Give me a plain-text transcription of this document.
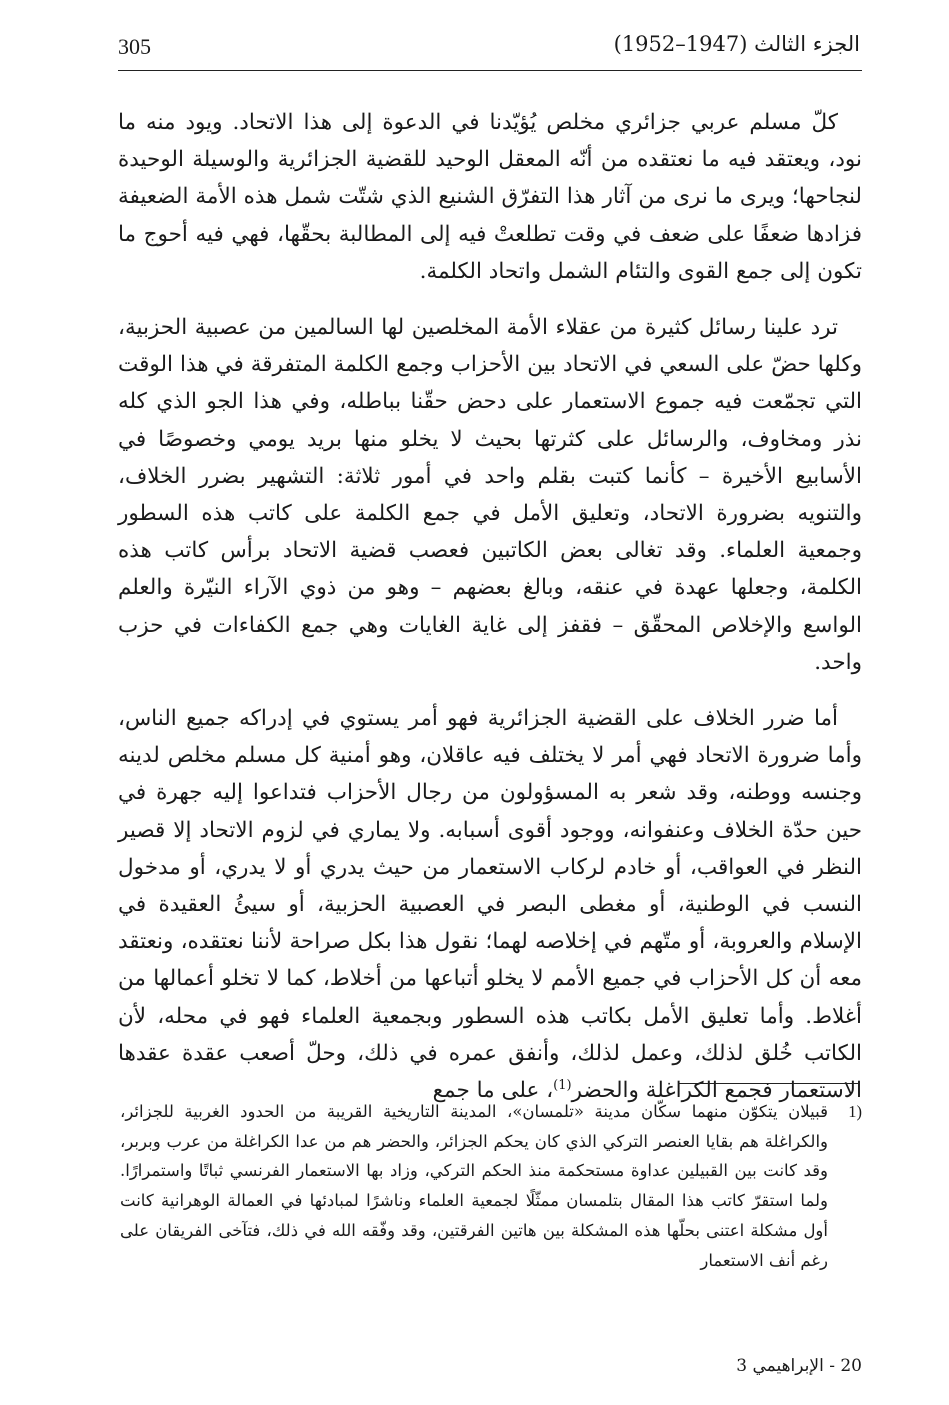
305	الجزء الثالث (1947–1952)

كلّ مسلم عربي جزائري مخلص يُؤيّدنا في الدعوة إلى هذا الاتحاد. ويود منه ما نود، ويعتقد فيه ما نعتقده من أنّه المعقل الوحيد للقضية الجزائرية والوسيلة الوحيدة لنجاحها؛ ويرى ما نرى من آثار هذا التفرّق الشنيع الذي شتّت شمل هذه الأمة الضعيفة فزادها ضعفًا على ضعف في وقت تطلعتْ فيه إلى المطالبة بحقّها، فهي فيه أحوج ما تكون إلى جمع القوى والتئام الشمل واتحاد الكلمة.

ترد علينا رسائل كثيرة من عقلاء الأمة المخلصين لها السالمين من عصبية الحزبية، وكلها حضّ على السعي في الاتحاد بين الأحزاب وجمع الكلمة المتفرقة في هذا الوقت التي تجمّعت فيه جموع الاستعمار على دحض حقّنا بباطله، وفي هذا الجو الذي كله نذر ومخاوف، والرسائل على كثرتها بحيث لا يخلو منها بريد يومي وخصوصًا في الأسابيع الأخيرة – كأنما كتبت بقلم واحد في أمور ثلاثة: التشهير بضرر الخلاف، والتنويه بضرورة الاتحاد، وتعليق الأمل في جمع الكلمة على كاتب هذه السطور وجمعية العلماء. وقد تغالى بعض الكاتبين فعصب قضية الاتحاد برأس كاتب هذه الكلمة، وجعلها عهدة في عنقه، وبالغ بعضهم – وهو من ذوي الآراء النيّرة والعلم الواسع والإخلاص المحقّق – فقفز إلى غاية الغايات وهي جمع الكفاءات في حزب واحد.

أما ضرر الخلاف على القضية الجزائرية فهو أمر يستوي في إدراكه جميع الناس، وأما ضرورة الاتحاد فهي أمر لا يختلف فيه عاقلان، وهو أمنية كل مسلم مخلص لدينه وجنسه ووطنه، وقد شعر به المسؤولون من رجال الأحزاب فتداعوا إليه جهرة في حين حدّة الخلاف وعنفوانه، ووجود أقوى أسبابه. ولا يماري في لزوم الاتحاد إلا قصير النظر في العواقب، أو خادم لركاب الاستعمار من حيث يدري أو لا يدري، أو مدخول النسب في الوطنية، أو مغطى البصر في العصبية الحزبية، أو سيئُ العقيدة في الإسلام والعروبة، أو متّهم في إخلاصه لهما؛ نقول هذا بكل صراحة لأننا نعتقده، ونعتقد معه أن كل الأحزاب في جميع الأمم لا يخلو أتباعها من أخلاط، كما لا تخلو أعمالها من أغلاط. وأما تعليق الأمل بكاتب هذه السطور وبجمعية العلماء فهو في محله، لأن الكاتب خُلق لذلك، وعمل لذلك، وأنفق عمره في ذلك، وحلّ أصعب عقدة عقدها الاستعمار فجمع الكراغلة والحضر$^{(1)}$، على ما جمع

1)
قبيلان يتكوّن منهما سكّان مدينة «تلمسان»، المدينة التاريخية القريبة من الحدود الغربية للجزائر، والكراغلة هم بقايا العنصر التركي الذي كان يحكم الجزائر، والحضر هم من عدا الكراغلة من عرب وبربر، وقد كانت بين القبيلين عداوة مستحكمة منذ الحكم التركي، وزاد بها الاستعمار الفرنسي ثباتًا واستمرارًا. ولما استقرّ كاتب هذا المقال بتلمسان ممثّلًا لجمعية العلماء وناشرًا لمبادئها في العمالة الوهرانية كانت أول مشكلة اعتنى بحلّها هذه المشكلة بين هاتين الفرقتين، وقد وفّقه الله في ذلك، فتآخى الفريقان على رغم أنف الاستعمار
20 - الإبراهيمي 3
